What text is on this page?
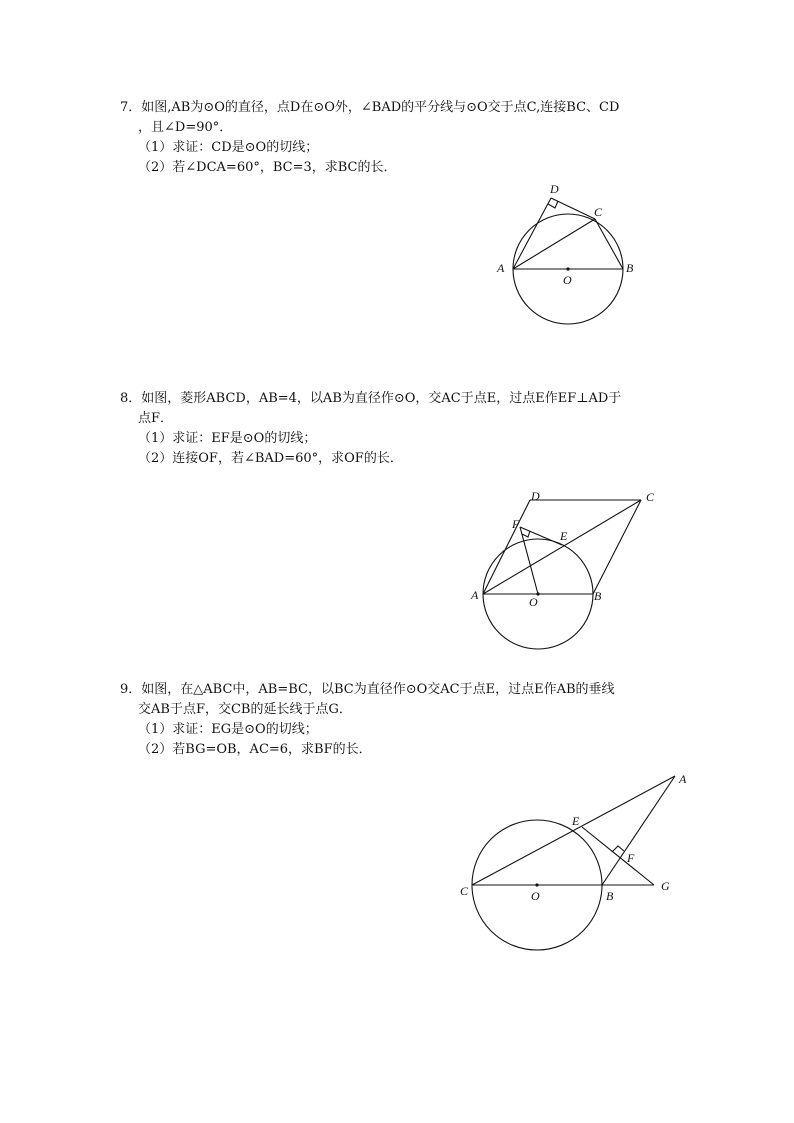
7．如图,AB为⊙O的直径，点D在⊙O外，∠BAD的平分线与⊙O交于点C,连接BC、CD
，且∠D=90°．
（1）求证：CD是⊙O的切线；
（2）若∠DCA=60°，BC=3，求BC的长．
A	B
C
D
O
A	B
C
D
E
F
O
A
B
C
E
F
G
O
8．如图，菱形ABCD，AB=4，以AB为直径作⊙O，交AC于点E，过点E作EF⊥AD于
点F．
（1）求证：EF是⊙O的切线；
（2）连接OF，若∠BAD=60°，求OF的长．
9．如图，在△ABC中，AB=BC，以BC为直径作⊙O交AC于点E，过点E作AB的垂线
交AB于点F，交CB的延长线于点G．
（1）求证：EG是⊙O的切线；
（2）若BG=OB，AC=6，求BF的长．
